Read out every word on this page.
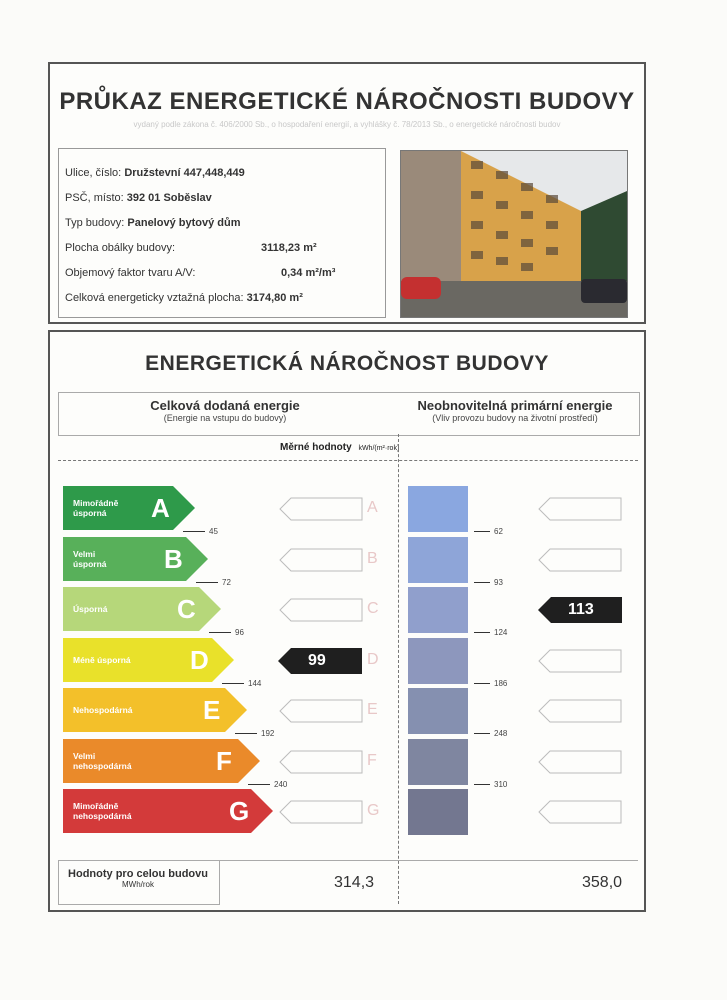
PRŮKAZ ENERGETICKÉ NÁROČNOSTI BUDOVY
vydaný podle zákona č. 406/2000 Sb., o hospodaření energií, a vyhlášky č. 78/2013 Sb., o energetické náročnosti budov
Ulice, číslo: Družstevní 447,448,449
PSČ, místo: 392 01 Soběslav
Typ budovy: Panelový bytový dům
Plocha obálky budovy:	3118,23 m²
Objemový faktor tvaru A/V:	0,34 m²/m³
Celková energeticky vztažná plocha: 3174,80 m²
ENERGETICKÁ NÁROČNOST BUDOVY
Celková dodaná energie
(Energie na vstupu do budovy)
Neobnovitelná primární energie
(Vliv provozu budovy na životní prostředí)
Měrné hodnoty kWh/(m²·rok)
Hodnoty pro celou budovu
MWh/rok	314,3	358,0
Mimořádně
úsporná	A
45
A
Velmi
úsporná B
72
B
Úsporná	C
96
C	113
Méně úsporná D
144
99	D
Nehospodárná	E
192
E
Velmi
nehospodárná	F
240
F
Mimořádně
nehospodárná	G	G
62
93
124
186
248
310
